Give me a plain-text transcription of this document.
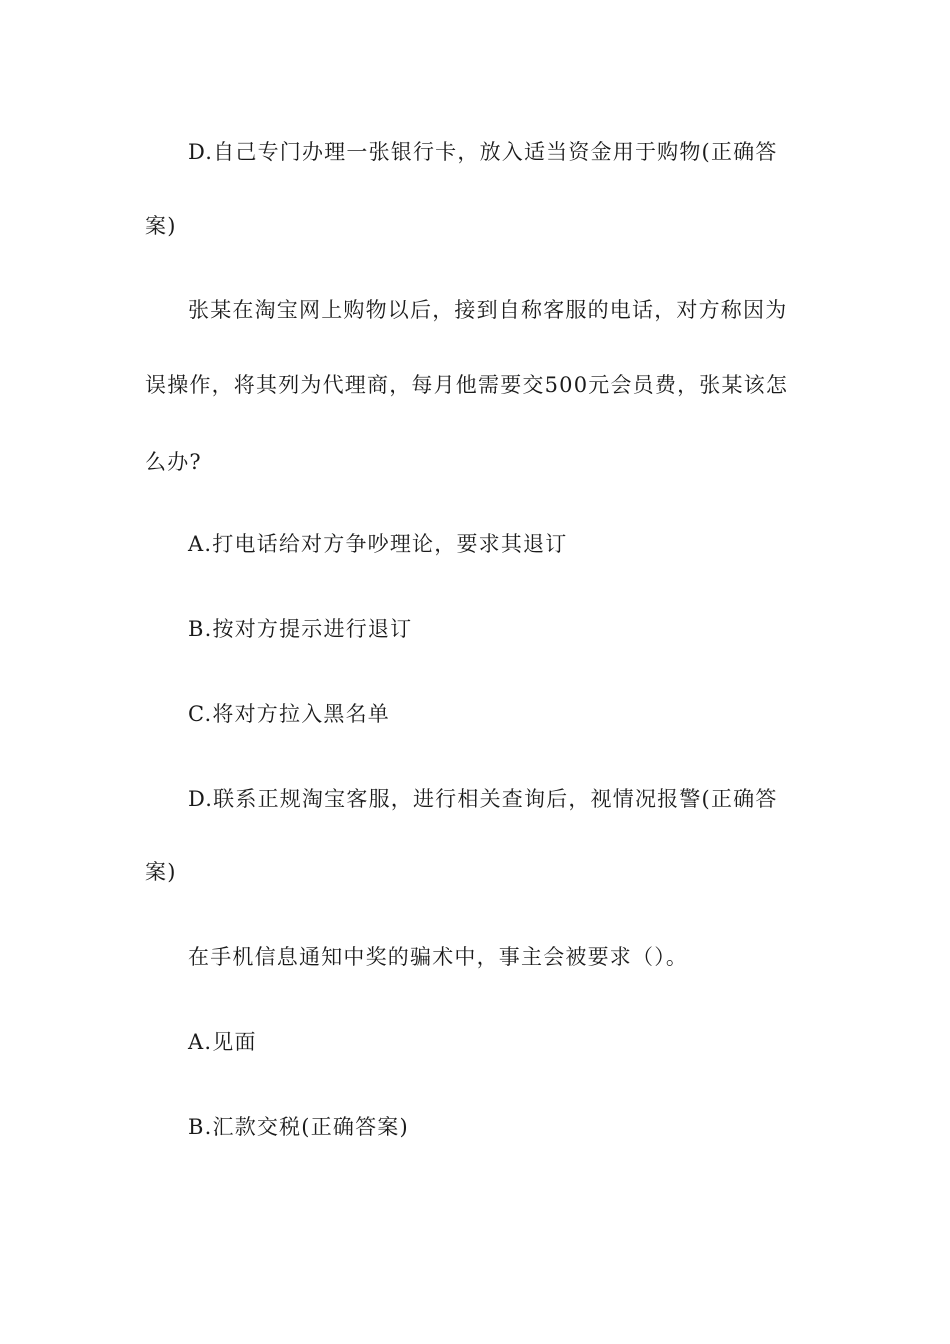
D.自己专门办理一张银行卡，放入适当资金用于购物(正确答
案)
张某在淘宝网上购物以后，接到自称客服的电话，对方称因为
误操作，将其列为代理商，每月他需要交500元会员费，张某该怎
么办?
A.打电话给对方争吵理论，要求其退订
B.按对方提示进行退订
C.将对方拉入黑名单
D.联系正规淘宝客服，进行相关查询后，视情况报警(正确答
案)
在手机信息通知中奖的骗术中，事主会被要求（）。
A.见面
B.汇款交税(正确答案)
